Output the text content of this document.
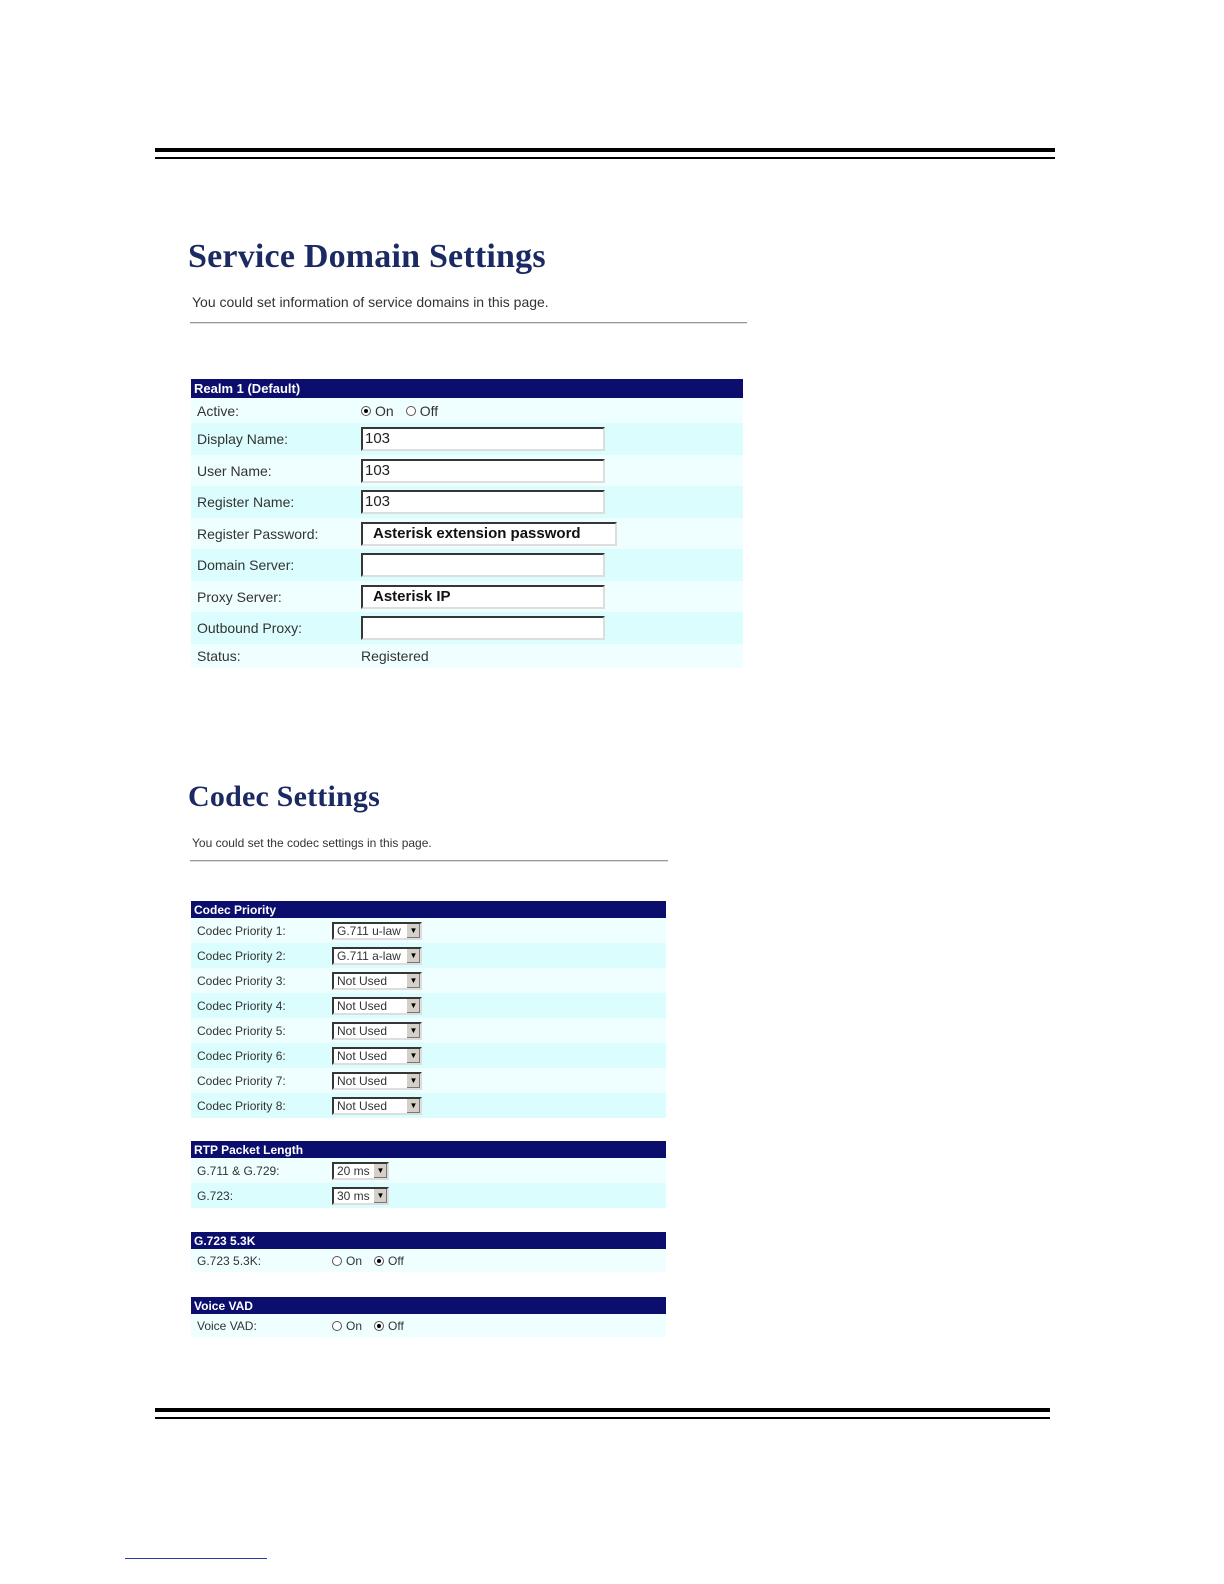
Service Domain Settings

You could set information of service domains in this page.

Realm 1 (Default)
Active:	On Off
Display Name:	103
User Name:	103
Register Name:	103
Register Password:	Asterisk extension password
Domain Server:
Proxy Server:	Asterisk IP
Outbound Proxy:
Status:	Registered
Codec Settings

You could set the codec settings in this page.

Codec Priority
Codec Priority 1:	G.711 u-law	▼
Codec Priority 2:	G.711 a-law	▼
Codec Priority 3:	Not Used	▼
Codec Priority 4:	Not Used	▼
Codec Priority 5:	Not Used	▼
Codec Priority 6:	Not Used	▼
Codec Priority 7:	Not Used	▼
Codec Priority 8:	Not Used	▼
RTP Packet Length
G.711 & G.729:	20 ms ▼
G.723:	30 ms ▼
G.723 5.3K
G.723 5.3K:	On Off
Voice VAD
Voice VAD:	On Off
